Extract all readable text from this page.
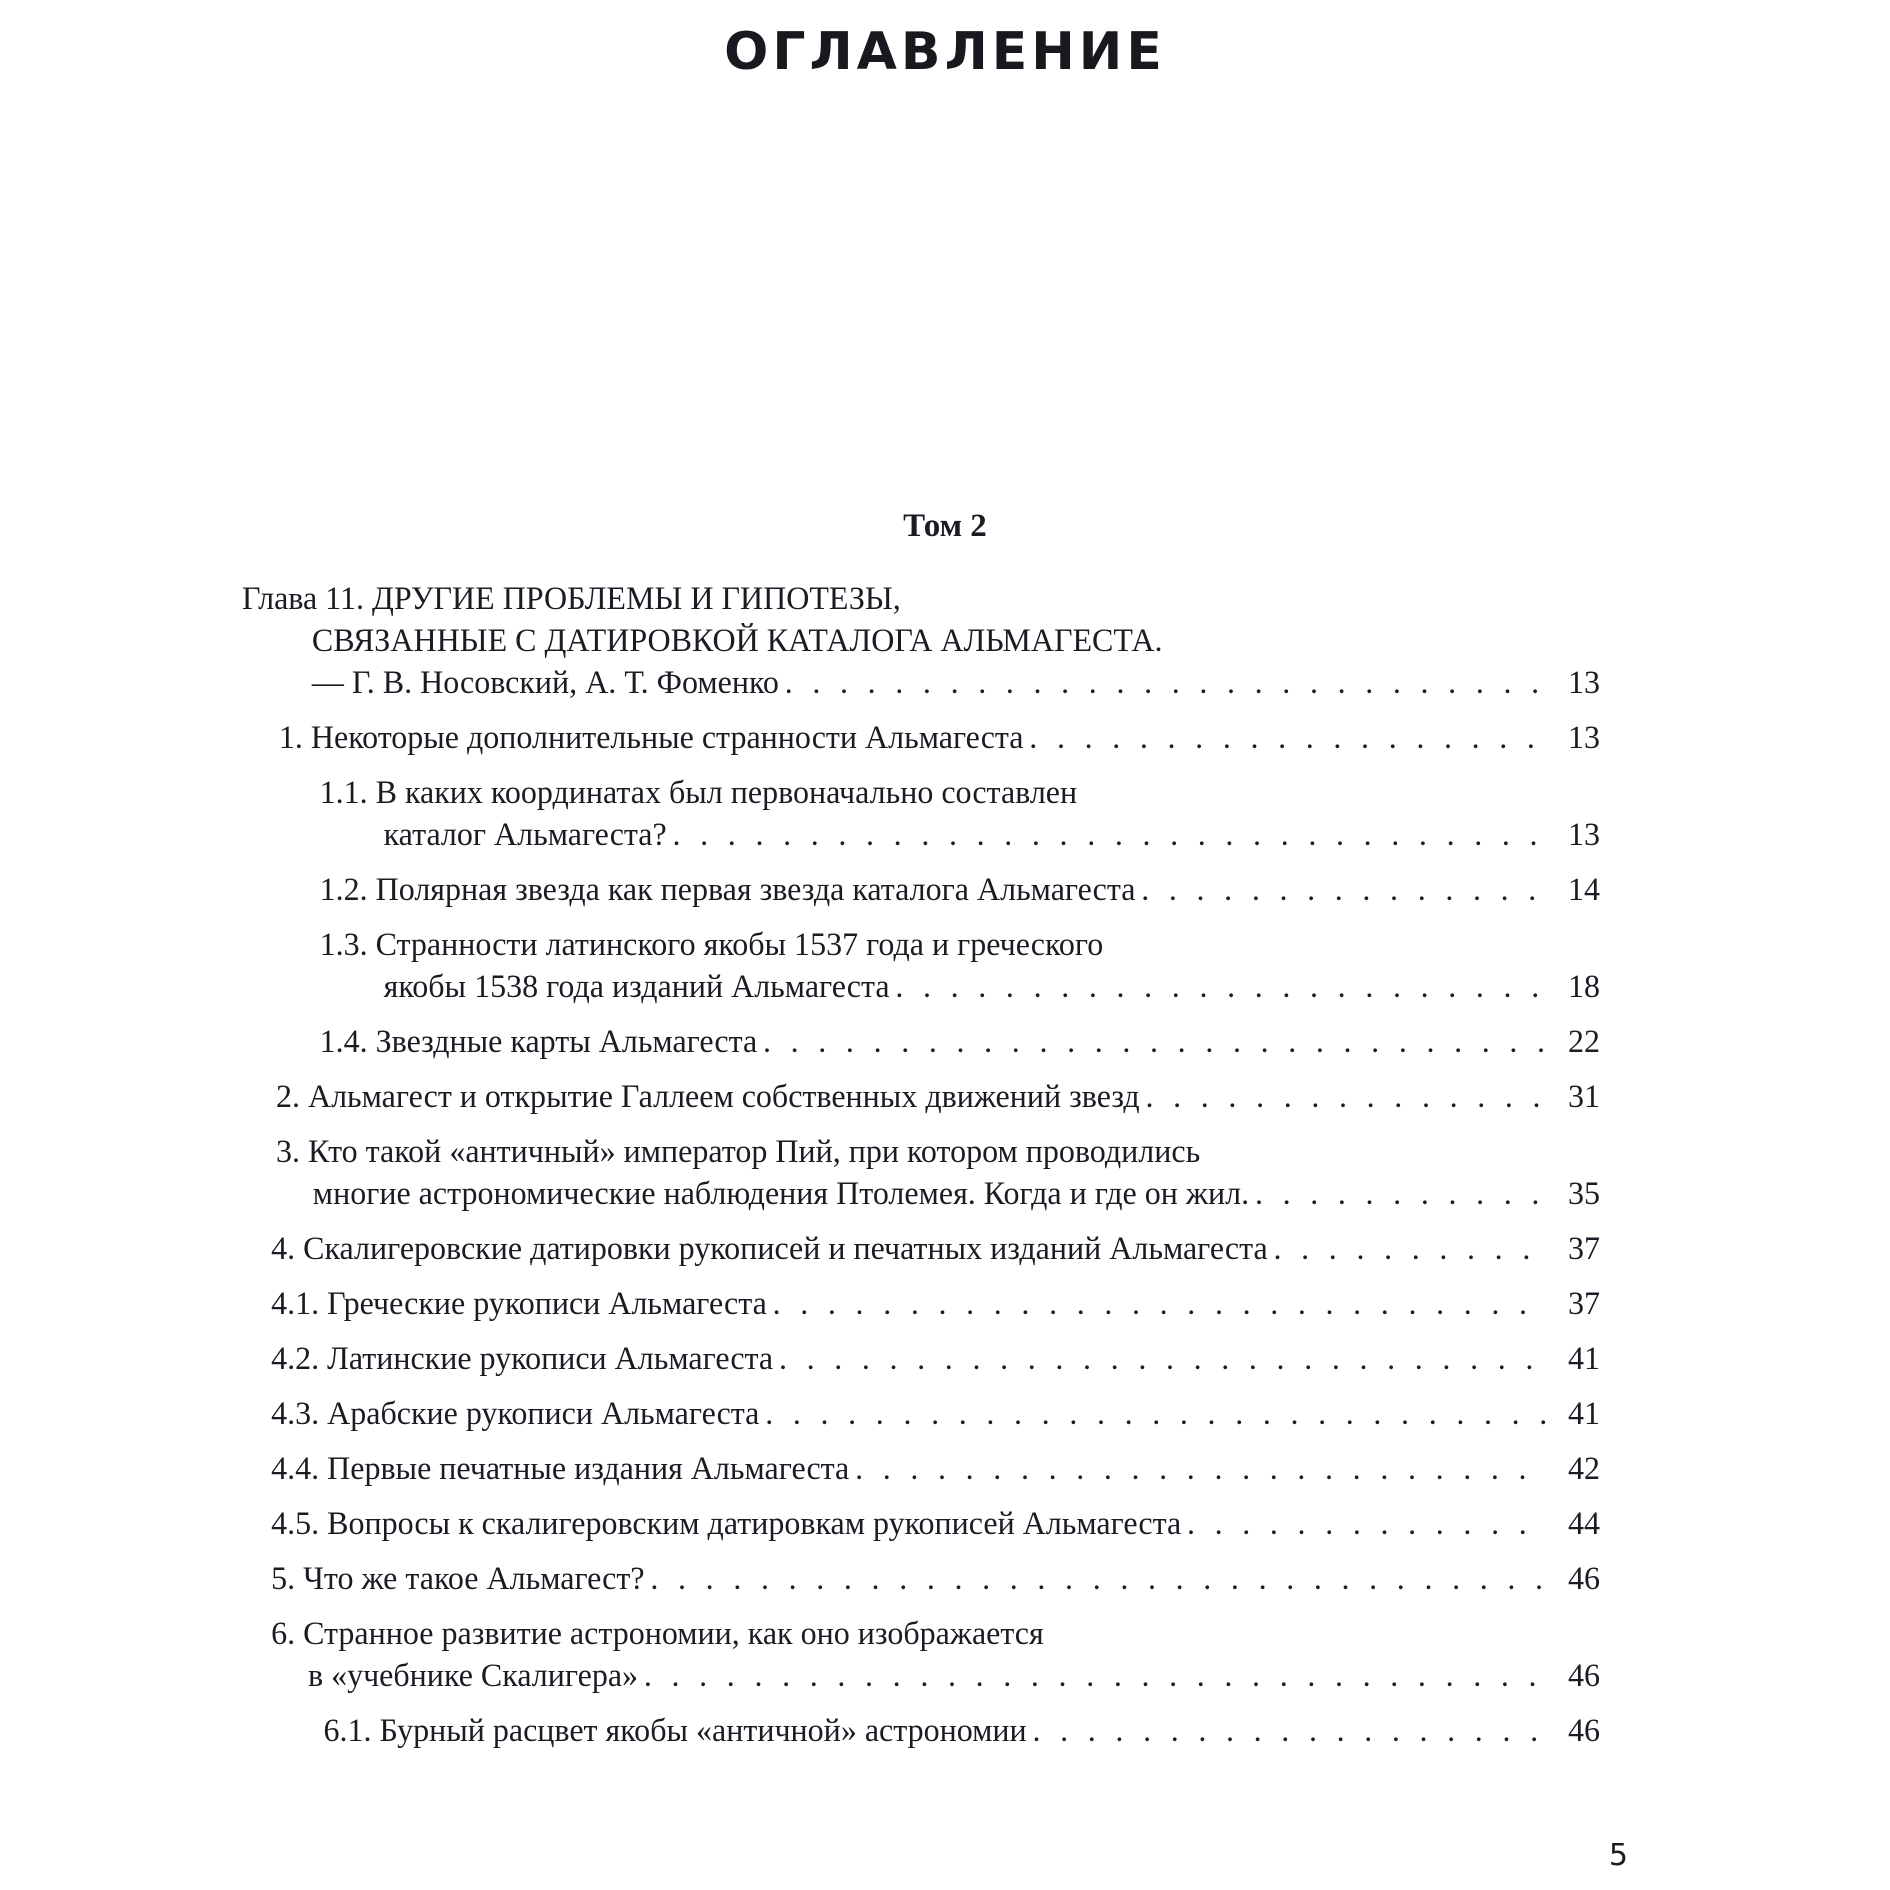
ОГЛАВЛЕНИЕ
Том 2
Глава 11. ДРУГИЕ ПРОБЛЕМЫ И ГИПОТЕЗЫ,
СВЯЗАННЫЕ С ДАТИРОВКОЙ КАТАЛОГА АЛЬМАГЕСТА.
— Г. В. Носовский, А. Т. Фоменко . . .	13
1. Некоторые дополнительные странности Альмагеста . . .	13
1.1. В каких координатах был первоначально составлен
каталог Альмагеста? . . .	13
1.2. Полярная звезда как первая звезда каталога Альмагеста . . .	14
1.3. Странности латинского якобы 1537 года и греческого
якобы 1538 года изданий Альмагеста . . .	18
1.4. Звездные карты Альмагеста . . .	22
2. Альмагест и открытие Галлеем собственных движений звезд . . .	31
3. Кто такой «античный» император Пий, при котором проводились
многие астрономические наблюдения Птолемея. Когда и где он жил. . . .	35
4. Скалигеровские датировки рукописей и печатных изданий Альмагеста . . .	37
4.1. Греческие рукописи Альмагеста . . .	37
4.2. Латинские рукописи Альмагеста . . .	41
4.3. Арабские рукописи Альмагеста . . .	41
4.4. Первые печатные издания Альмагеста . . .	42
4.5. Вопросы к скалигеровским датировкам рукописей Альмагеста . . .	44
5. Что же такое Альмагест? . . .	46
6. Странное развитие астрономии, как оно изображается
в «учебнике Скалигера» . . .	46
6.1. Бурный расцвет якобы «античной» астрономии . . .	46
5
